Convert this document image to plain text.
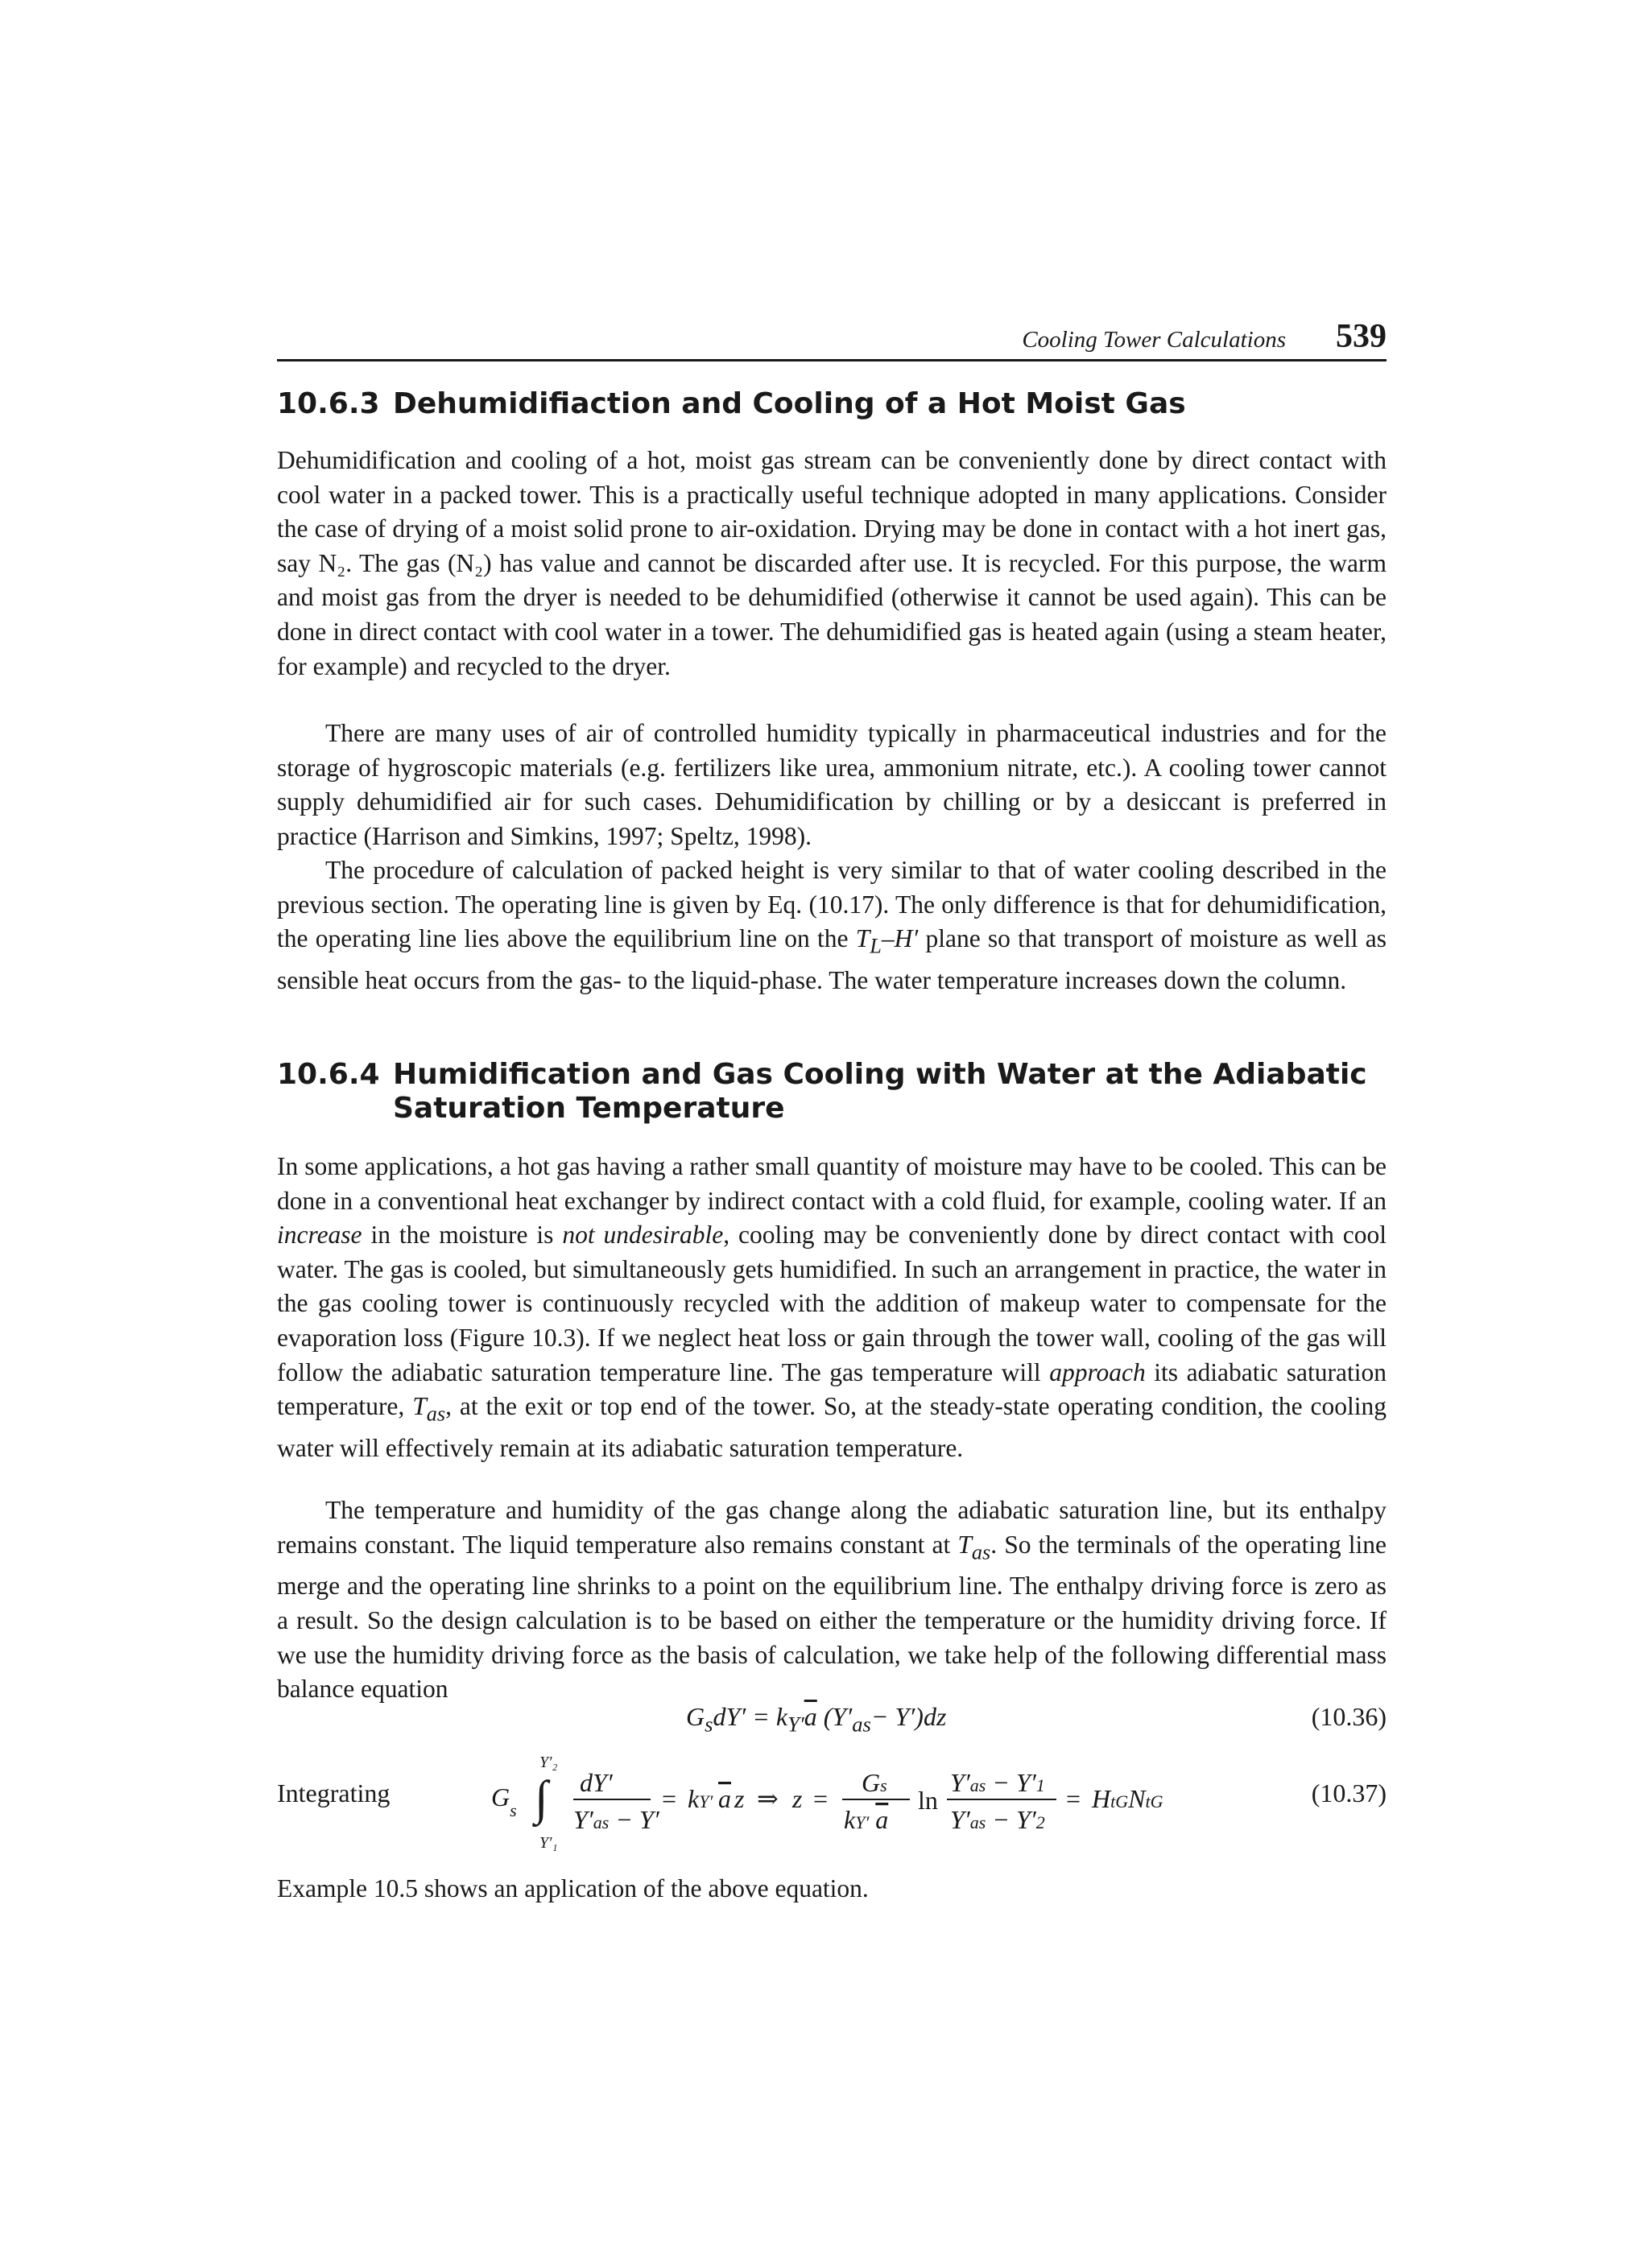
Cooling Tower Calculations 539
10.6.3 Dehumidifiaction and Cooling of a Hot Moist Gas

Dehumidification and cooling of a hot, moist gas stream can be conveniently done by direct contact with cool water in a packed tower. This is a practically useful technique adopted in many applications. Consider the case of drying of a moist solid prone to air-oxidation. Drying may be done in contact with a hot inert gas, say N₂. The gas (N₂) has value and cannot be discarded after use. It is recycled. For this purpose, the warm and moist gas from the dryer is needed to be dehumidified (otherwise it cannot be used again). This can be done in direct contact with cool water in a tower. The dehumidified gas is heated again (using a steam heater, for example) and recycled to the dryer.

There are many uses of air of controlled humidity typically in pharmaceutical industries and for the storage of hygroscopic materials (e.g. fertilizers like urea, ammonium nitrate, etc.). A cooling tower cannot supply dehumidified air for such cases. Dehumidification by chilling or by a desiccant is preferred in practice (Harrison and Simkins, 1997; Speltz, 1998).

The procedure of calculation of packed height is very similar to that of water cooling described in the previous section. The operating line is given by Eq. (10.17). The only difference is that for dehumidification, the operating line lies above the equilibrium line on the $T_L-H'$ plane so that transport of moisture as well as sensible heat occurs from the gas- to the liquid-phase. The water temperature increases down the column.

10.6.4 Humidification and Gas Cooling with Water at the Adiabatic
Saturation Temperature

In some applications, a hot gas having a rather small quantity of moisture may have to be cooled. This can be done in a conventional heat exchanger by indirect contact with a cold fluid, for example, cooling water. If an increase in the moisture is not undesirable, cooling may be conveniently done by direct contact with cool water. The gas is cooled, but simultaneously gets humidified. In such an arrangement in practice, the water in the gas cooling tower is continuously recycled with the addition of makeup water to compensate for the evaporation loss (Figure 10.3). If we neglect heat loss or gain through the tower wall, cooling of the gas will follow the adiabatic saturation temperature line. The gas temperature will approach its adiabatic saturation temperature, $T_{as}$, at the exit or top end of the tower. So, at the steady-state operating condition, the cooling water will effectively remain at its adiabatic saturation temperature.

The temperature and humidity of the gas change along the adiabatic saturation line, but its enthalpy remains constant. The liquid temperature also remains constant at $T_{as}$. So the terminals of the operating line merge and the operating line shrinks to a point on the equilibrium line. The enthalpy driving force is zero as a result. So the design calculation is to be based on either the temperature or the humidity driving force. If we use the humidity driving force as the basis of calculation, we take help of the following differential mass balance equation

$G_sdY' = k_{Y'}\overline{a}$ $(Y'_{as}- Y')dz$	(10.36)
Integrating	$G_s$ ∫
Y′₂
Y′₁
dY′
Y′as − Y′
= kY′ a z ⇒ z =
Gs
kY′ a
ln
Y′as − Y′1
Y′as − Y′2
= HtGNtG	(10.37)

Example 10.5 shows an application of the above equation.
